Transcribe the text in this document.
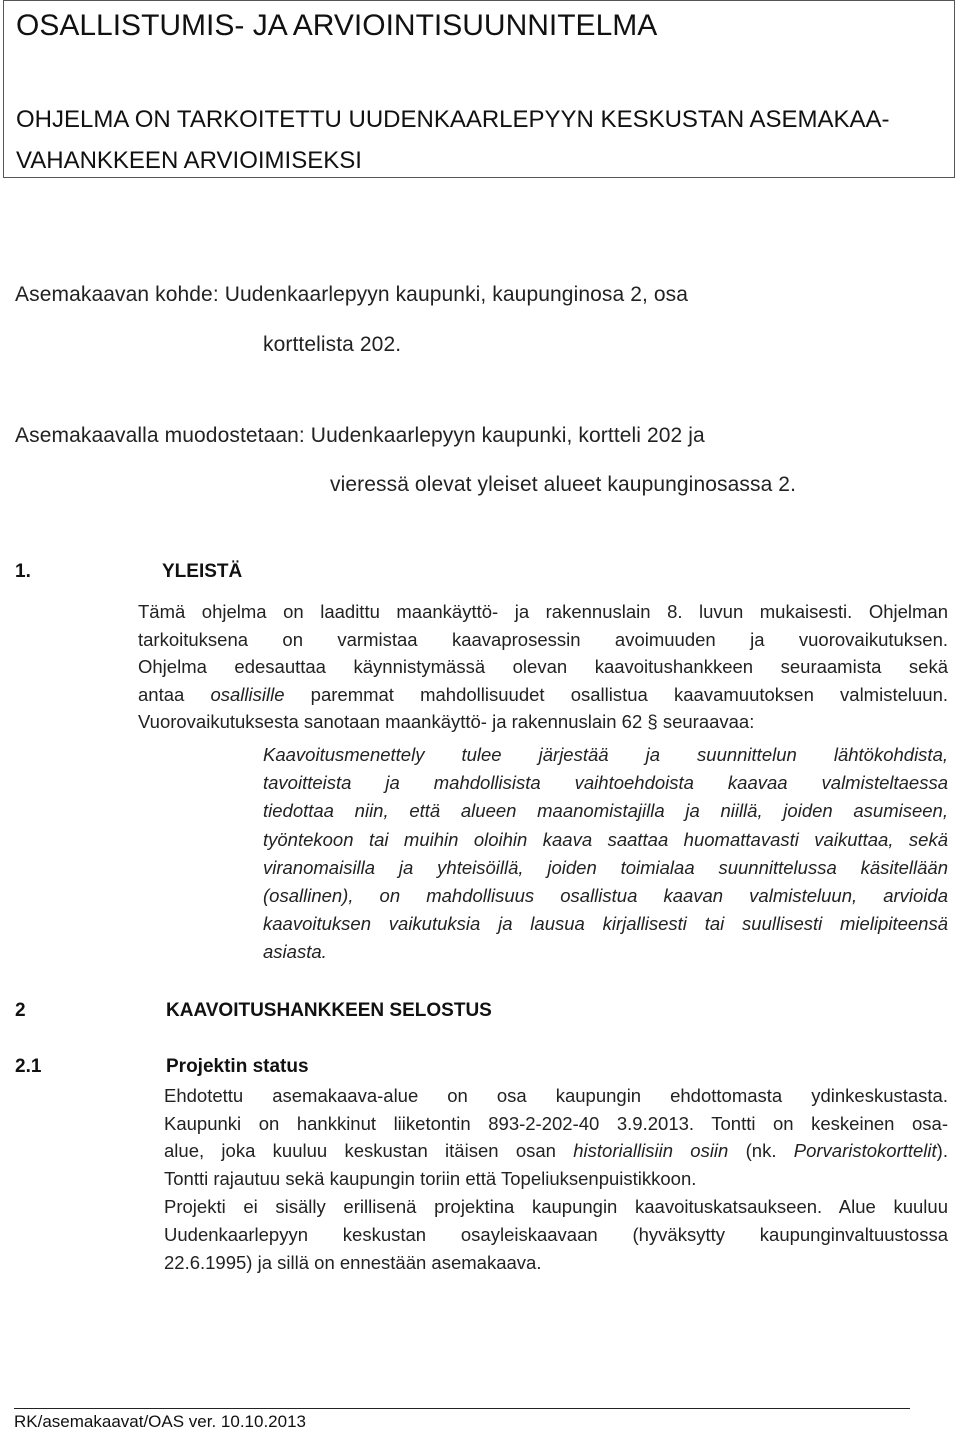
OSALLISTUMIS- JA ARVIOINTISUUNNITELMA
OHJELMA ON TARKOITETTU UUDENKAARLEPYYN KESKUSTAN ASEMAKAA-
VAHANKKEEN ARVIOIMISEKSI
Asemakaavan kohde: Uudenkaarlepyyn kaupunki, kaupunginosa 2, osa
korttelista 202.
Asemakaavalla muodostetaan: Uudenkaarlepyyn kaupunki, kortteli 202 ja
vieressä olevat yleiset alueet kaupunginosassa 2.
1.	YLEISTÄ
Tämä ohjelma on laadittu maankäyttö- ja rakennuslain 8. luvun mukaisesti. Ohjelman
tarkoituksena on varmistaa kaavaprosessin avoimuuden ja vuorovaikutuksen.
Ohjelma edesauttaa käynnistymässä olevan kaavoitushankkeen seuraamista sekä
antaa osallisille paremmat mahdollisuudet osallistua kaavamuutoksen valmisteluun.
Vuorovaikutuksesta sanotaan maankäyttö- ja rakennuslain 62 § seuraavaa:
Kaavoitusmenettely tulee järjestää ja suunnittelun lähtökohdista,
tavoitteista ja mahdollisista vaihtoehdoista kaavaa valmisteltaessa
tiedottaa niin, että alueen maanomistajilla ja niillä, joiden asumiseen,
työntekoon tai muihin oloihin kaava saattaa huomattavasti vaikuttaa, sekä
viranomaisilla ja yhteisöillä, joiden toimialaa suunnittelussa käsitellään
(osallinen), on mahdollisuus osallistua kaavan valmisteluun, arvioida
kaavoituksen vaikutuksia ja lausua kirjallisesti tai suullisesti mielipiteensä
asiasta.
2	KAAVOITUSHANKKEEN SELOSTUS
2.1	Projektin status
Ehdotettu asemakaava-alue on osa kaupungin ehdottomasta ydinkeskustasta.
Kaupunki on hankkinut liiketontin 893-2-202-40 3.9.2013. Tontti on keskeinen osa-
alue, joka kuuluu keskustan itäisen osan historiallisiin osiin (nk. Porvaristokorttelit).
Tontti rajautuu sekä kaupungin toriin että Topeliuksenpuistikkoon.
Projekti ei sisälly erillisenä projektina kaupungin kaavoituskatsaukseen. Alue kuuluu
Uudenkaarlepyyn keskustan osayleiskaavaan (hyväksytty kaupunginvaltuustossa
22.6.1995) ja sillä on ennestään asemakaava.
RK/asemakaavat/OAS ver. 10.10.2013
